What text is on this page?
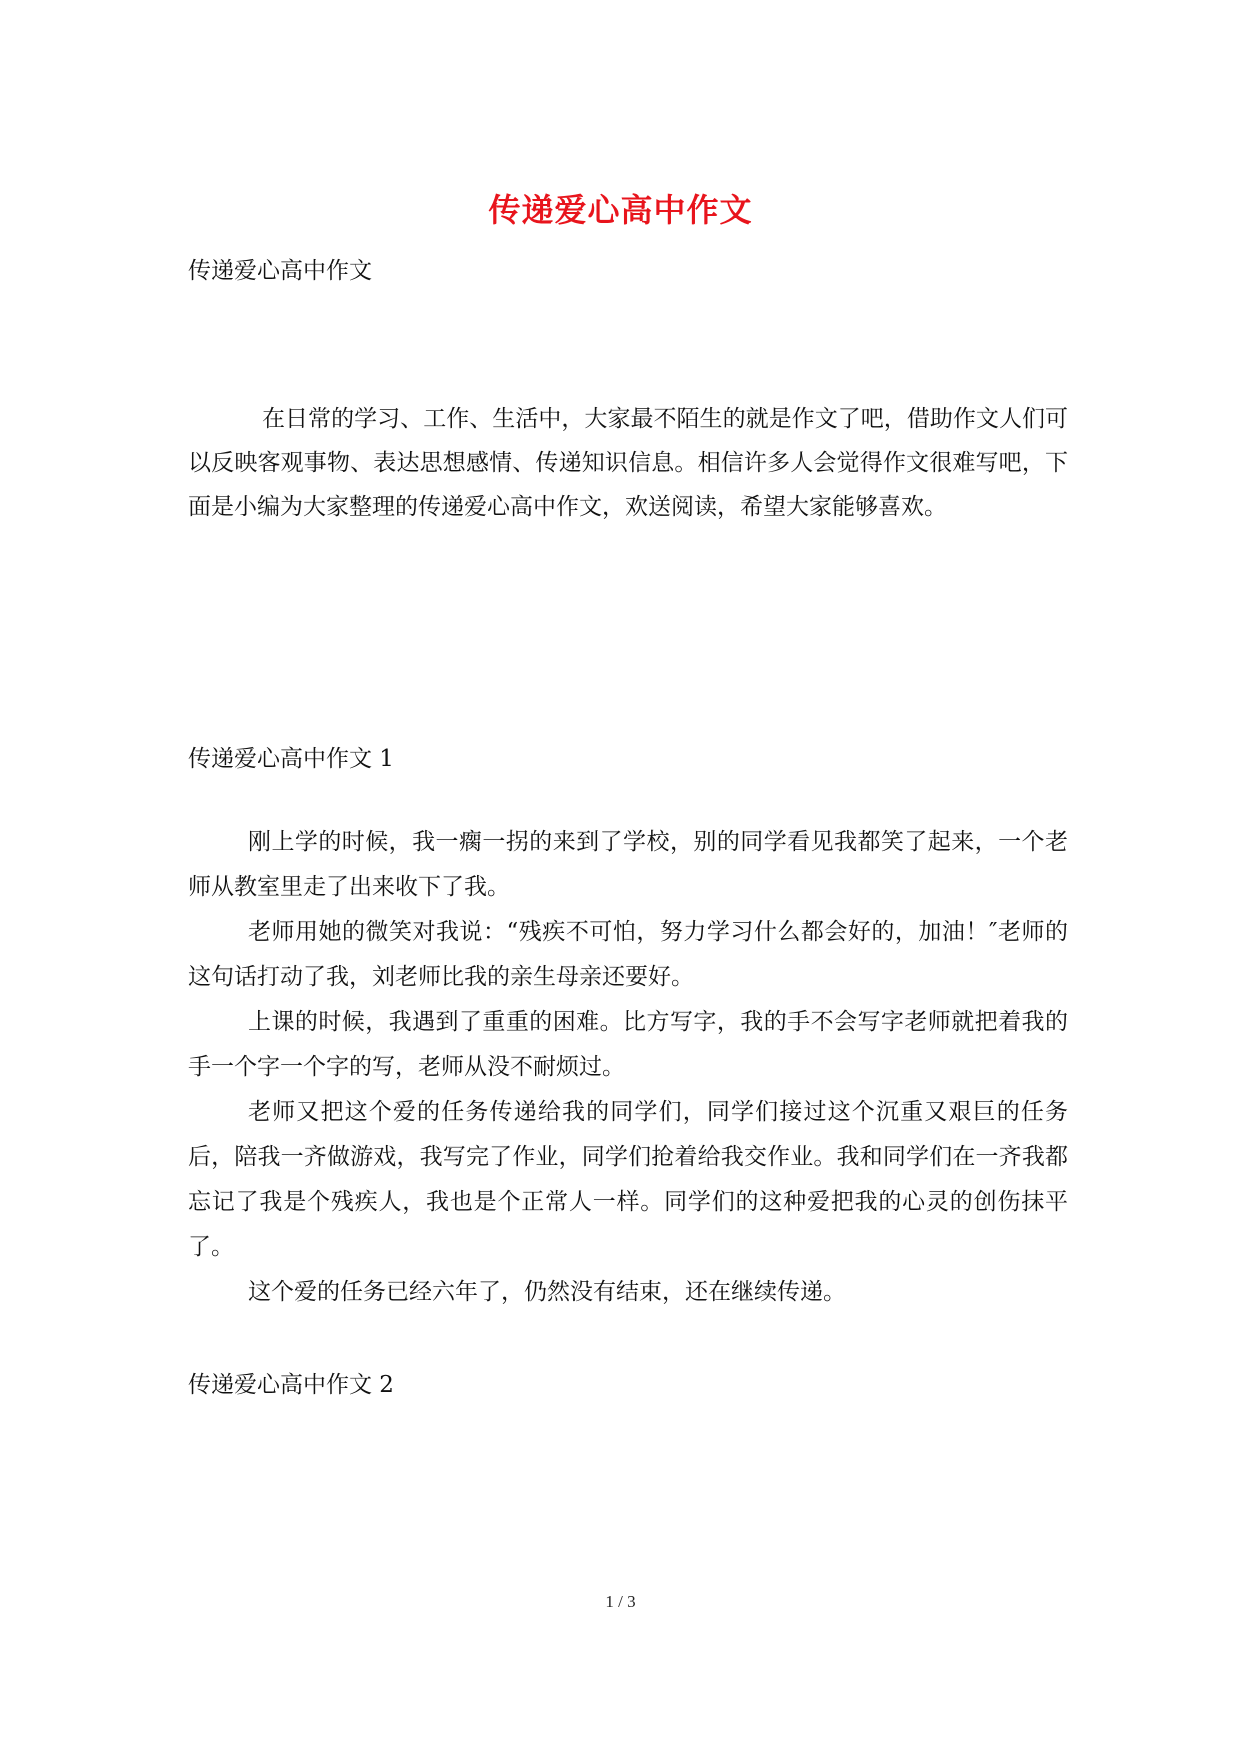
传递爱心高中作文
传递爱心高中作文

在日常的学习、工作、生活中，大家最不陌生的就是作文了吧，借助作文人们可以反映客观事物、表达思想感情、传递知识信息。相信许多人会觉得作文很难写吧，下面是小编为大家整理的传递爱心高中作文，欢送阅读，希望大家能够喜欢。

传递爱心高中作文 1

刚上学的时候，我一瘸一拐的来到了学校，别的同学看见我都笑了起来，一个老师从教室里走了出来收下了我。

老师用她的微笑对我说：“残疾不可怕，努力学习什么都会好的，加油！″老师的这句话打动了我，刘老师比我的亲生母亲还要好。

上课的时候，我遇到了重重的困难。比方写字，我的手不会写字老师就把着我的手一个字一个字的写，老师从没不耐烦过。

老师又把这个爱的任务传递给我的同学们，同学们接过这个沉重又艰巨的任务后，陪我一齐做游戏，我写完了作业，同学们抢着给我交作业。我和同学们在一齐我都忘记了我是个残疾人，我也是个正常人一样。同学们的这种爱把我的心灵的创伤抹平了。

这个爱的任务已经六年了，仍然没有结束，还在继续传递。

传递爱心高中作文 2
1 / 3
